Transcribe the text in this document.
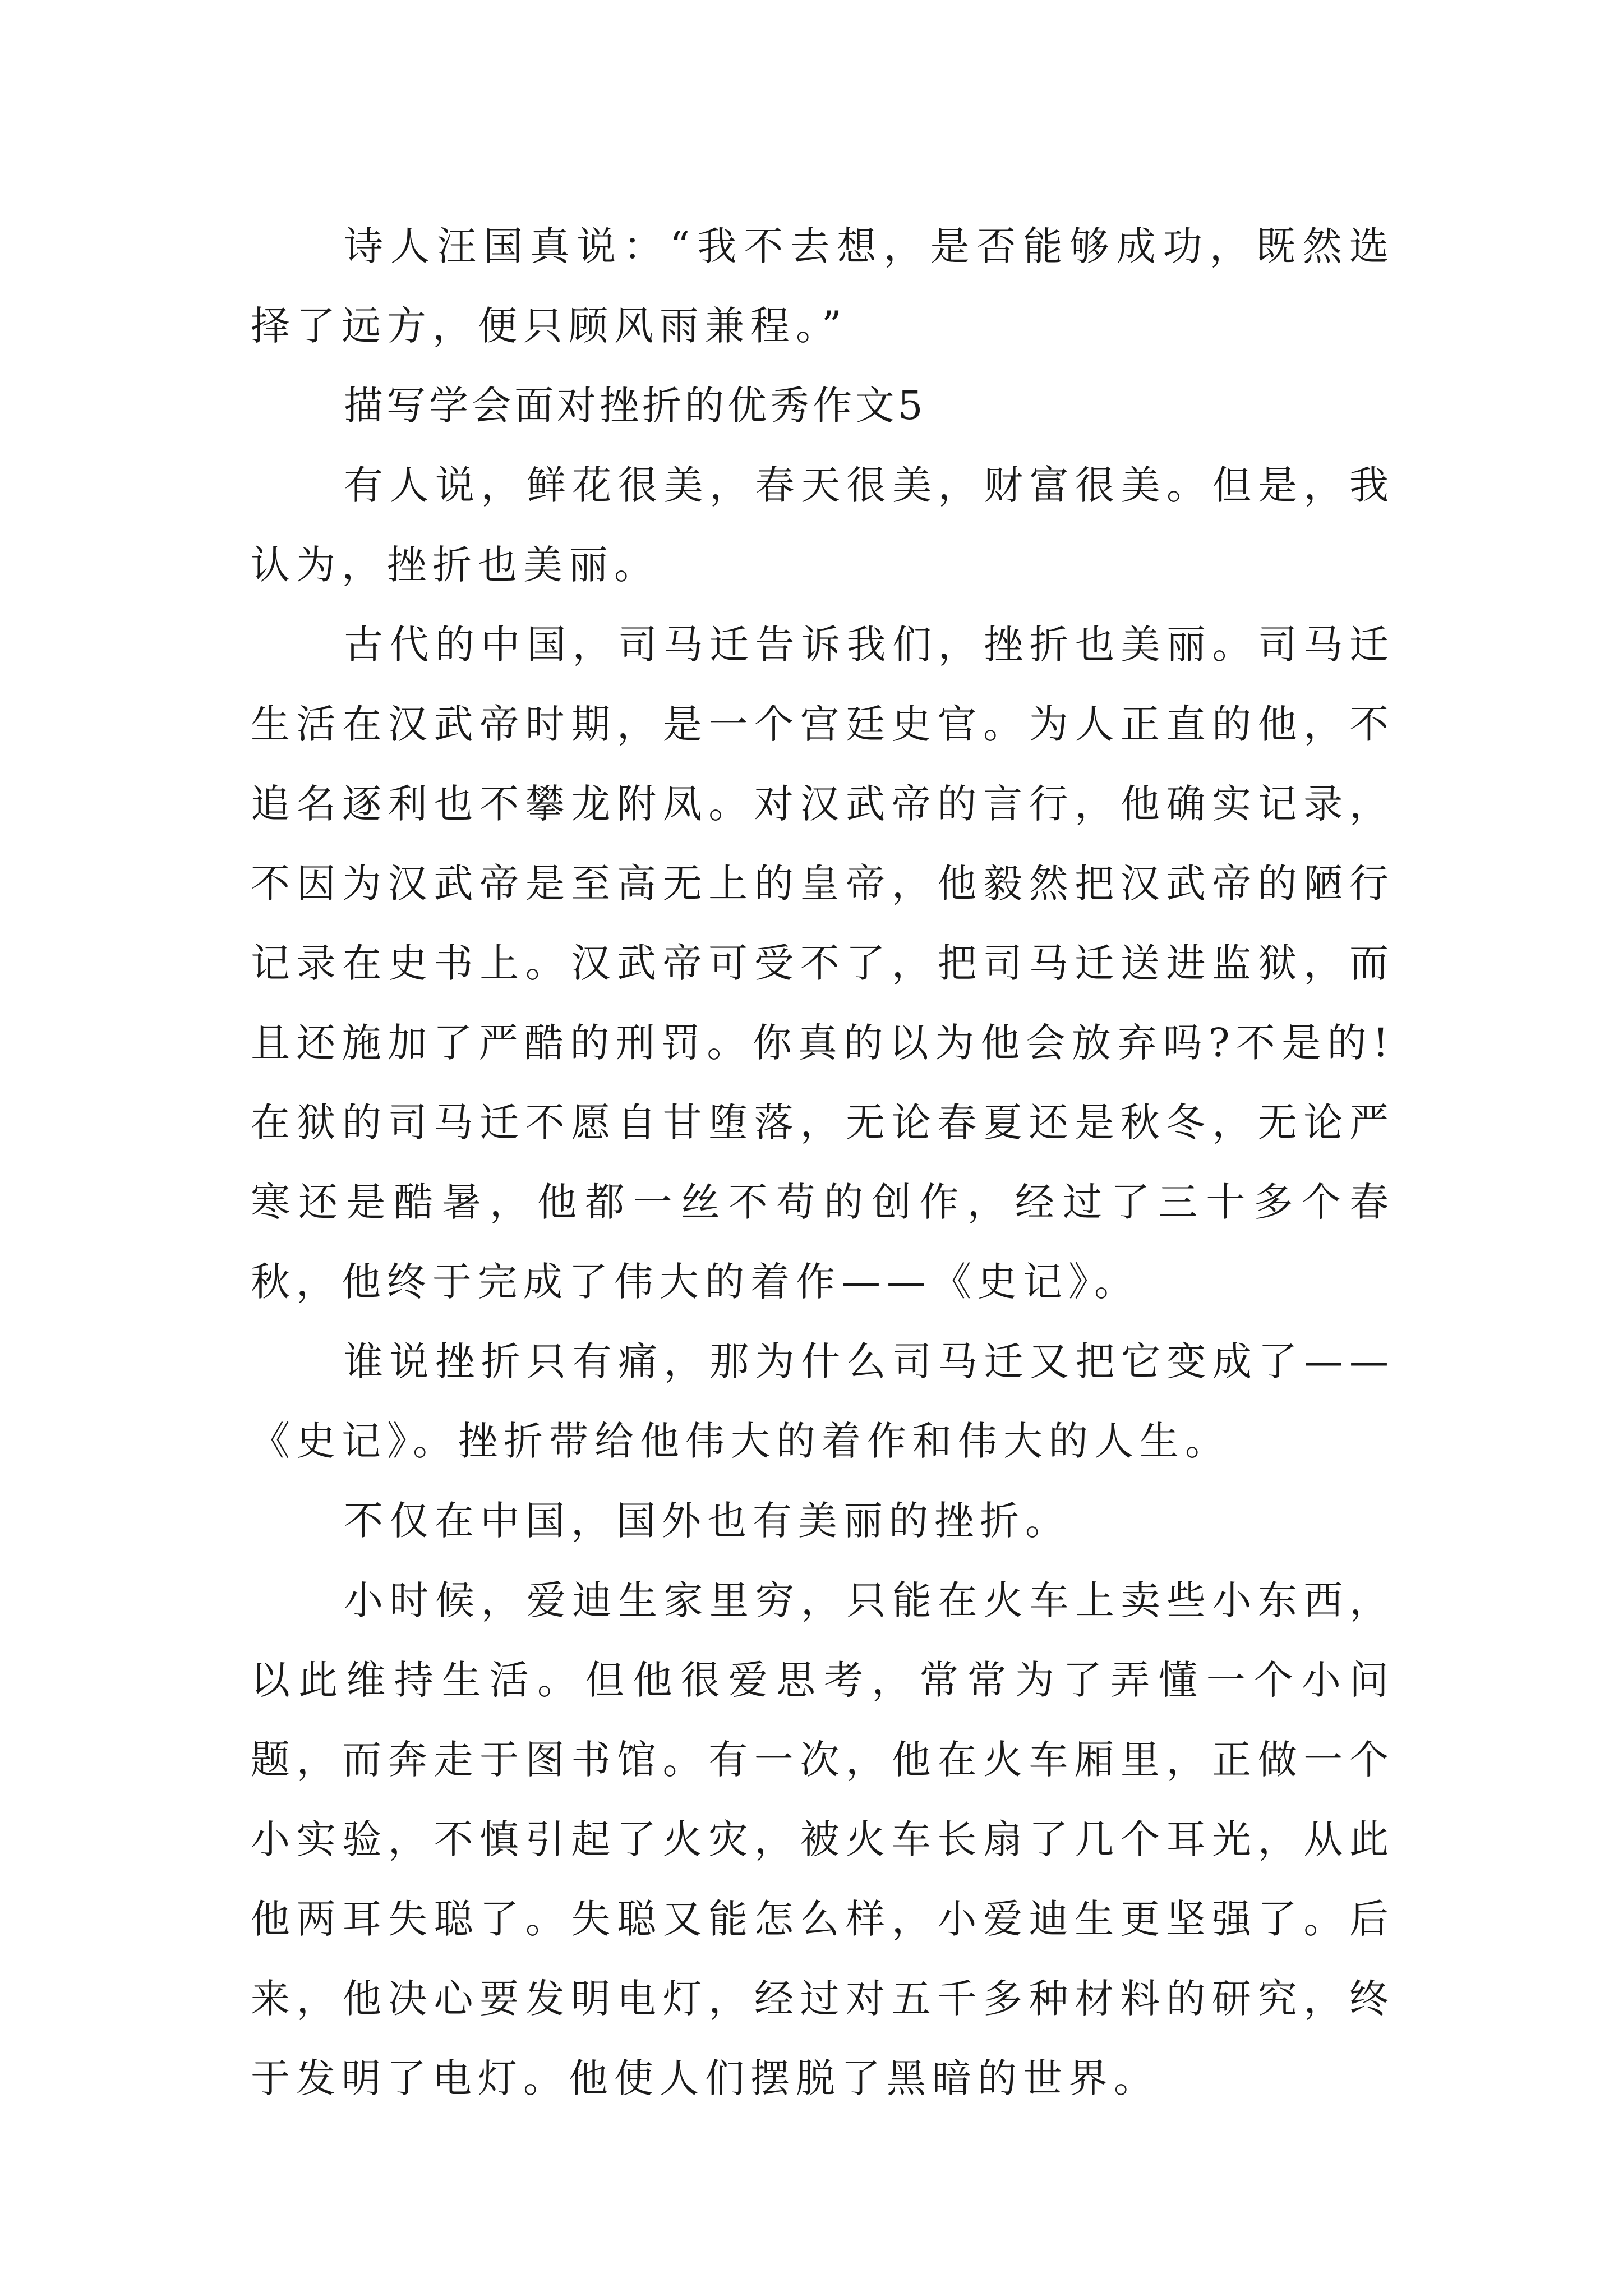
诗人汪国真说：“我不去想，是否能够成功，既然选择了远方，便只顾风雨兼程。”

描写学会面对挫折的优秀作文5

有人说，鲜花很美，春天很美，财富很美。但是，我认为，挫折也美丽。

古代的中国，司马迁告诉我们，挫折也美丽。司马迁生活在汉武帝时期，是一个宫廷史官。为人正直的他，不追名逐利也不攀龙附凤。对汉武帝的言行，他确实记录，不因为汉武帝是至高无上的皇帝，他毅然把汉武帝的陋行记录在史书上。汉武帝可受不了，把司马迁送进监狱，而且还施加了严酷的刑罚。你真的以为他会放弃吗?不是的!在狱的司马迁不愿自甘堕落，无论春夏还是秋冬，无论严寒还是酷暑，他都一丝不苟的创作，经过了三十多个春秋，他终于完成了伟大的着作——《史记》。

谁说挫折只有痛，那为什么司马迁又把它变成了——《史记》。挫折带给他伟大的着作和伟大的人生。

不仅在中国，国外也有美丽的挫折。

小时候，爱迪生家里穷，只能在火车上卖些小东西，以此维持生活。但他很爱思考，常常为了弄懂一个小问题，而奔走于图书馆。有一次，他在火车厢里，正做一个小实验，不慎引起了火灾，被火车长扇了几个耳光，从此他两耳失聪了。失聪又能怎么样，小爱迪生更坚强了。后来，他决心要发明电灯，经过对五千多种材料的研究，终于发明了电灯。他使人们摆脱了黑暗的世界。
